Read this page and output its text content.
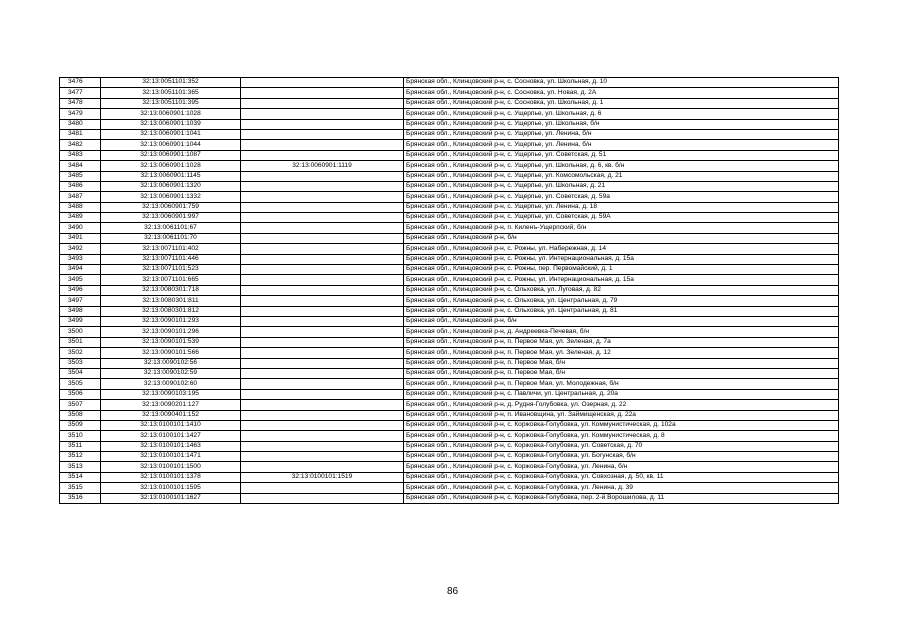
3476	32:13:0051101:352		Брянская обл., Клинцовский р-н, с. Сосновка, ул. Школьная, д. 10
3477	32:13:0051101:365		Брянская обл., Клинцовский р-н, с. Сосновка, ул. Новая, д. 2А
3478	32:13:0051101:395		Брянская обл., Клинцовский р-н, с. Сосновка, ул. Школьная, д. 1
3479	32:13:0060901:1028		Брянская обл., Клинцовский р-н, с. Ущерпье, ул. Школьная, д. 6
3480	32:13:0060901:1039		Брянская обл., Клинцовский р-н, с. Ущерпье, ул. Школьная, б/н
3481	32:13:0060901:1041		Брянская обл., Клинцовский р-н, с. Ущерпье, ул. Ленина, б/н
3482	32:13:0060901:1044		Брянская обл., Клинцовский р-н, с. Ущерпье, ул. Ленина, б/н
3483	32:13:0060901:1087		Брянская обл., Клинцовский р-н, с. Ущерпье, ул. Советская, д. 51
3484	32:13:0060901:1028	32:13:0060901:1119	Брянская обл., Клинцовский р-н, с. Ущерпье, ул. Школьная, д. 6, кв. б/н
3485	32:13:0060901:1145		Брянская обл., Клинцовский р-н, с. Ущерпье, ул. Комсомольская, д. 21
3486	32:13:0060901:1320		Брянская обл., Клинцовский р-н, с. Ущерпье, ул. Школьная, д. 21
3487	32:13:0060901:1332		Брянская обл., Клинцовский р-н, с. Ущерпье, ул. Советская, д. 59а
3488	32:13:0060901:759		Брянская обл., Клинцовский р-н, с. Ущерпье, ул. Ленина, д. 18
3489	32:13:0060901:997		Брянская обл., Клинцовский р-н, с. Ущерпье, ул. Советская, д. 59А
3490	32:13:0061101:67		Брянская обл., Клинцовский р-н, п. Киленъ-Ущерпский, б/н
3491	32:13:0061101:70		Брянская обл., Клинцовский р-н, б/н
3492	32:13:0071101:402		Брянская обл., Клинцовский р-н, с. Рожны, ул. Набережная, д. 14
3493	32:13:0071101:446		Брянская обл., Клинцовский р-н, с. Рожны, ул. Интернациональная, д. 15а
3494	32:13:0071101:523		Брянская обл., Клинцовский р-н, с. Рожны, пер. Первомайский, д. 1
3495	32:13:0071101:665		Брянская обл., Клинцовский р-н, с. Рожны, ул. Интернациональная, д. 15а
3496	32:13:0080301:718		Брянская обл., Клинцовский р-н, с. Ольховка, ул. Луговая, д. 82
3497	32:13:0080301:811		Брянская обл., Клинцовский р-н, с. Ольховка, ул. Центральная, д. 79
3498	32:13:0080301:812		Брянская обл., Клинцовский р-н, с. Ольховка, ул. Центральная, д. 81
3499	32:13:0090101:293		Брянская обл., Клинцовский р-н, б/н
3500	32:13:0090101:296		Брянская обл., Клинцовский р-н, д. Андреевка-Печевая, б/н
3501	32:13:0090101:539		Брянская обл., Клинцовский р-н, п. Первое Мая, ул. Зеленая, д. 7а
3502	32:13:0090101:566		Брянская обл., Клинцовский р-н, п. Первое Мая, ул. Зеленая, д. 12
3503	32:13:0090102:56		Брянская обл., Клинцовский р-н, п. Первое Мая, б/н
3504	32:13:0090102:59		Брянская обл., Клинцовский р-н, п. Первое Мая, б/н
3505	32:13:0090102:60		Брянская обл., Клинцовский р-н, п. Первое Мая, ул. Молодежная, б/н
3506	32:13:0090103:195		Брянская обл., Клинцовский р-н, с. Павличи, ул. Центральная, д. 20а
3507	32:13:0090201:127		Брянская обл., Клинцовский р-н, д. Рудня-Голубовка, ул. Озерная, д. 22
3508	32:13:0090401:152		Брянская обл., Клинцовский р-н, п. Ивановщина, ул. Займищенская, д. 22а
3509	32:13:0100101:1410		Брянская обл., Клинцовский р-н, с. Коржовка-Голубовка, ул. Коммунистическая, д. 102а
3510	32:13:0100101:1427		Брянская обл., Клинцовский р-н, с. Коржовка-Голубовка, ул. Коммунистическая, д. 8
3511	32:13:0100101:1463		Брянская обл., Клинцовский р-н, с. Коржовка-Голубовка, ул. Советская, д. 70
3512	32:13:0100101:1471		Брянская обл., Клинцовский р-н, с. Коржовка-Голубовка, ул. Богунская, б/н
3513	32:13:0100101:1500		Брянская обл., Клинцовский р-н, с. Коржовка-Голубовка, ул. Ленина, б/н
3514	32:13:0100101:1378	32:13:0100101:1519	Брянская обл., Клинцовский р-н, с. Коржовка-Голубовка, ул. Совхозная, д. 50, кв. 11
3515	32:13:0100101:1595		Брянская обл., Клинцовский р-н, с. Коржовка-Голубовка, ул. Ленина, д. 39
3516	32:13:0100101:1627		Брянская обл., Клинцовский р-н, с. Коржовка-Голубовка, пер. 2-й Ворошилова, д. 11
86
